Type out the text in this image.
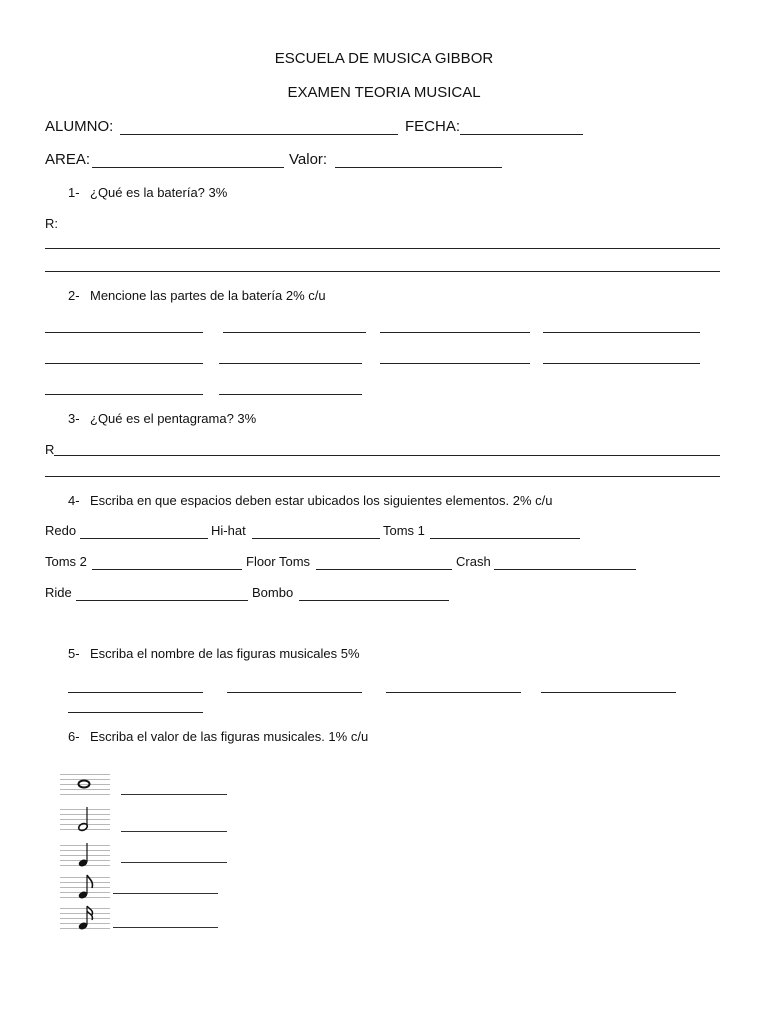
ESCUELA DE MUSICA GIBBOR
EXAMEN TEORIA MUSICAL
ALUMNO:	FECHA:
AREA:	Valor:
1- ¿Qué es la batería? 3%
R:
2- Mencione las partes de la batería 2% c/u
3- ¿Qué es el pentagrama? 3%
R
4- Escriba en que espacios deben estar ubicados los siguientes elementos. 2% c/u
Redo	Hi-hat	Toms 1
Toms 2	Floor Toms	Crash
Ride	Bombo
5- Escriba el nombre de las figuras musicales 5%
6- Escriba el valor de las figuras musicales. 1% c/u
